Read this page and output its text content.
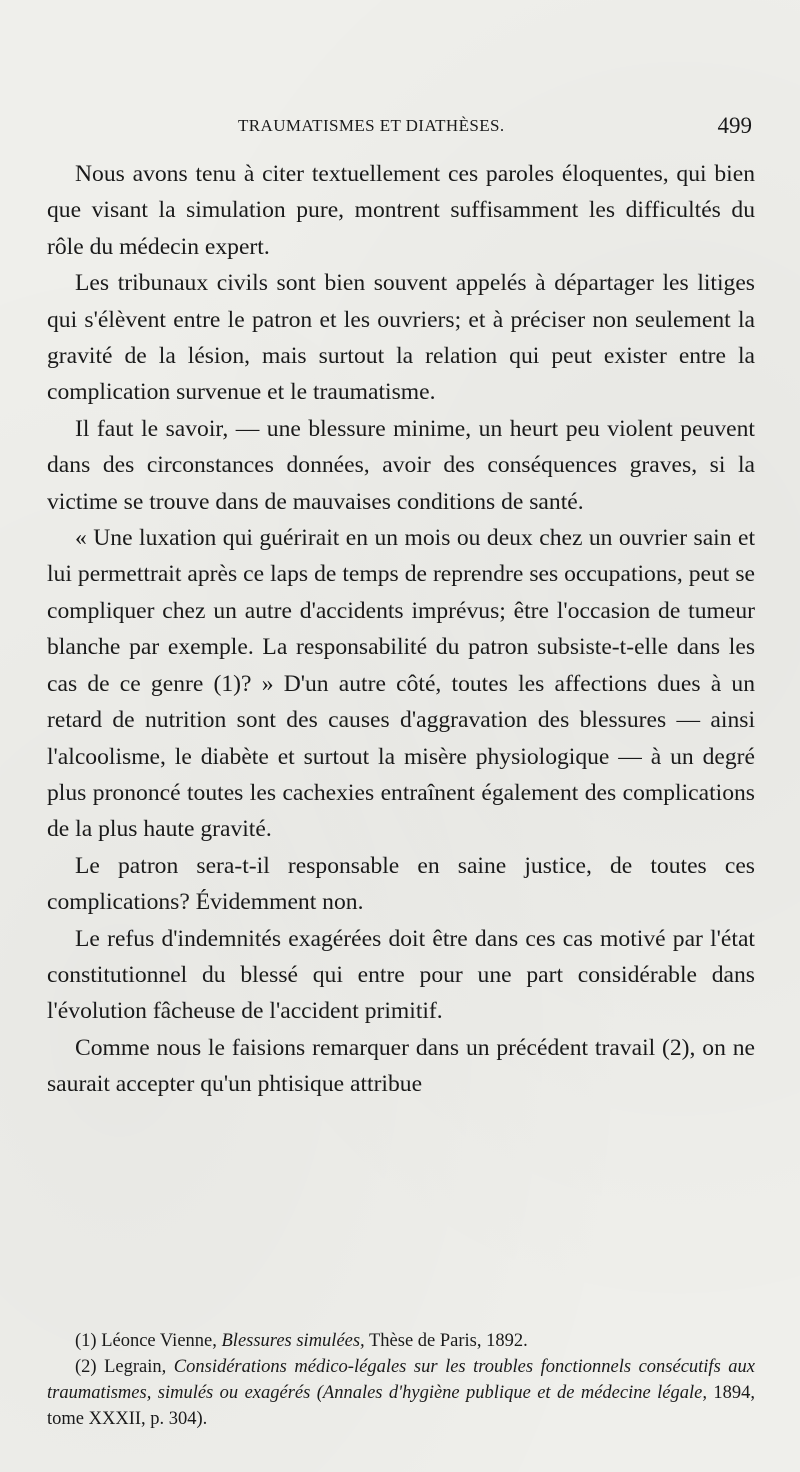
TRAUMATISMES ET DIATHÈSES.	499

Nous avons tenu à citer textuellement ces paroles éloquentes, qui bien que visant la simulation pure, montrent suffisamment les difficultés du rôle du médecin expert.

Les tribunaux civils sont bien souvent appelés à départager les litiges qui s'élèvent entre le patron et les ouvriers; et à préciser non seulement la gravité de la lésion, mais surtout la relation qui peut exister entre la complication survenue et le traumatisme.

Il faut le savoir, — une blessure minime, un heurt peu violent peuvent dans des circonstances données, avoir des conséquences graves, si la victime se trouve dans de mauvaises conditions de santé.

« Une luxation qui guérirait en un mois ou deux chez un ouvrier sain et lui permettrait après ce laps de temps de reprendre ses occupations, peut se compliquer chez un autre d'accidents imprévus; être l'occasion de tumeur blanche par exemple. La responsabilité du patron subsiste-t-elle dans les cas de ce genre (1)? » D'un autre côté, toutes les affections dues à un retard de nutrition sont des causes d'aggravation des blessures — ainsi l'alcoolisme, le diabète et surtout la misère physiologique — à un degré plus prononcé toutes les cachexies entraînent également des complications de la plus haute gravité.

Le patron sera-t-il responsable en saine justice, de toutes ces complications? Évidemment non.

Le refus d'indemnités exagérées doit être dans ces cas motivé par l'état constitutionnel du blessé qui entre pour une part considérable dans l'évolution fâcheuse de l'accident primitif.

Comme nous le faisions remarquer dans un précédent travail (2), on ne saurait accepter qu'un phtisique attribue

(1) Léonce Vienne, Blessures simulées, Thèse de Paris, 1892.

(2) Legrain, Considérations médico-légales sur les troubles fonctionnels consécutifs aux traumatismes, simulés ou exagérés (Annales d'hygiène publique et de médecine légale, 1894, tome XXXII, p. 304).
